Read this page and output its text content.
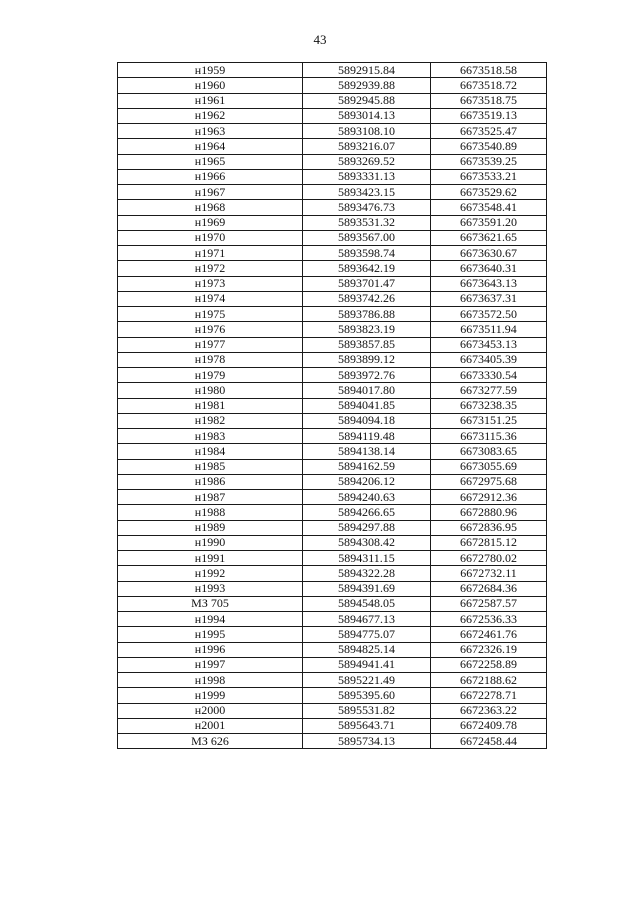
43
н1959	5892915.84	6673518.58
н1960	5892939.88	6673518.72
н1961	5892945.88	6673518.75
н1962	5893014.13	6673519.13
н1963	5893108.10	6673525.47
н1964	5893216.07	6673540.89
н1965	5893269.52	6673539.25
н1966	5893331.13	6673533.21
н1967	5893423.15	6673529.62
н1968	5893476.73	6673548.41
н1969	5893531.32	6673591.20
н1970	5893567.00	6673621.65
н1971	5893598.74	6673630.67
н1972	5893642.19	6673640.31
н1973	5893701.47	6673643.13
н1974	5893742.26	6673637.31
н1975	5893786.88	6673572.50
н1976	5893823.19	6673511.94
н1977	5893857.85	6673453.13
н1978	5893899.12	6673405.39
н1979	5893972.76	6673330.54
н1980	5894017.80	6673277.59
н1981	5894041.85	6673238.35
н1982	5894094.18	6673151.25
н1983	5894119.48	6673115.36
н1984	5894138.14	6673083.65
н1985	5894162.59	6673055.69
н1986	5894206.12	6672975.68
н1987	5894240.63	6672912.36
н1988	5894266.65	6672880.96
н1989	5894297.88	6672836.95
н1990	5894308.42	6672815.12
н1991	5894311.15	6672780.02
н1992	5894322.28	6672732.11
н1993	5894391.69	6672684.36
МЗ 705	5894548.05	6672587.57
н1994	5894677.13	6672536.33
н1995	5894775.07	6672461.76
н1996	5894825.14	6672326.19
н1997	5894941.41	6672258.89
н1998	5895221.49	6672188.62
н1999	5895395.60	6672278.71
н2000	5895531.82	6672363.22
н2001	5895643.71	6672409.78
МЗ 626	5895734.13	6672458.44
